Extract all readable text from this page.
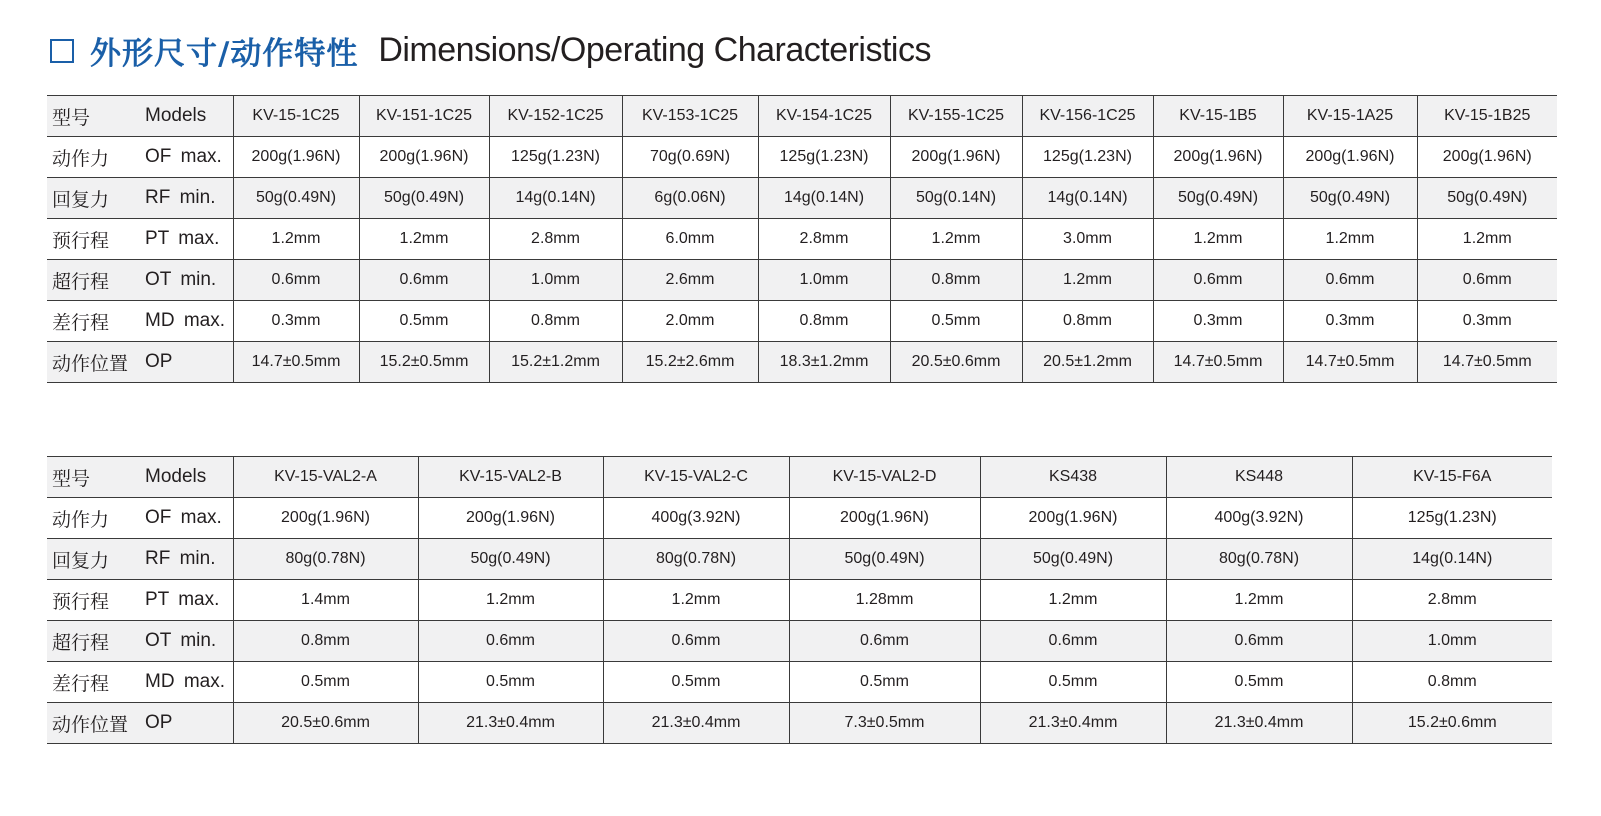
外形尺寸/动作特性 Dimensions/Operating Characteristics
型号	Models	KV-15-1C25	KV-151-1C25	KV-152-1C25	KV-153-1C25	KV-154-1C25	KV-155-1C25	KV-156-1C25	KV-15-1B5	KV-15-1A25	KV-15-1B25
动作力	OF max.	200g(1.96N)	200g(1.96N)	125g(1.23N)	70g(0.69N)	125g(1.23N)	200g(1.96N)	125g(1.23N)	200g(1.96N)	200g(1.96N)	200g(1.96N)
回复力	RF min.	50g(0.49N)	50g(0.49N)	14g(0.14N)	6g(0.06N)	14g(0.14N)	50g(0.14N)	14g(0.14N)	50g(0.49N)	50g(0.49N)	50g(0.49N)
预行程	PT max.	1.2mm	1.2mm	2.8mm	6.0mm	2.8mm	1.2mm	3.0mm	1.2mm	1.2mm	1.2mm
超行程	OT min.	0.6mm	0.6mm	1.0mm	2.6mm	1.0mm	0.8mm	1.2mm	0.6mm	0.6mm	0.6mm
差行程	MD max.	0.3mm	0.5mm	0.8mm	2.0mm	0.8mm	0.5mm	0.8mm	0.3mm	0.3mm	0.3mm
动作位置	OP	14.7±0.5mm	15.2±0.5mm	15.2±1.2mm	15.2±2.6mm	18.3±1.2mm	20.5±0.6mm	20.5±1.2mm	14.7±0.5mm	14.7±0.5mm	14.7±0.5mm
型号	Models	KV-15-VAL2-A	KV-15-VAL2-B	KV-15-VAL2-C	KV-15-VAL2-D	KS438	KS448	KV-15-F6A
动作力	OF max.	200g(1.96N)	200g(1.96N)	400g(3.92N)	200g(1.96N)	200g(1.96N)	400g(3.92N)	125g(1.23N)
回复力	RF min.	80g(0.78N)	50g(0.49N)	80g(0.78N)	50g(0.49N)	50g(0.49N)	80g(0.78N)	14g(0.14N)
预行程	PT max.	1.4mm	1.2mm	1.2mm	1.28mm	1.2mm	1.2mm	2.8mm
超行程	OT min.	0.8mm	0.6mm	0.6mm	0.6mm	0.6mm	0.6mm	1.0mm
差行程	MD max.	0.5mm	0.5mm	0.5mm	0.5mm	0.5mm	0.5mm	0.8mm
动作位置	OP	20.5±0.6mm	21.3±0.4mm	21.3±0.4mm	7.3±0.5mm	21.3±0.4mm	21.3±0.4mm	15.2±0.6mm
